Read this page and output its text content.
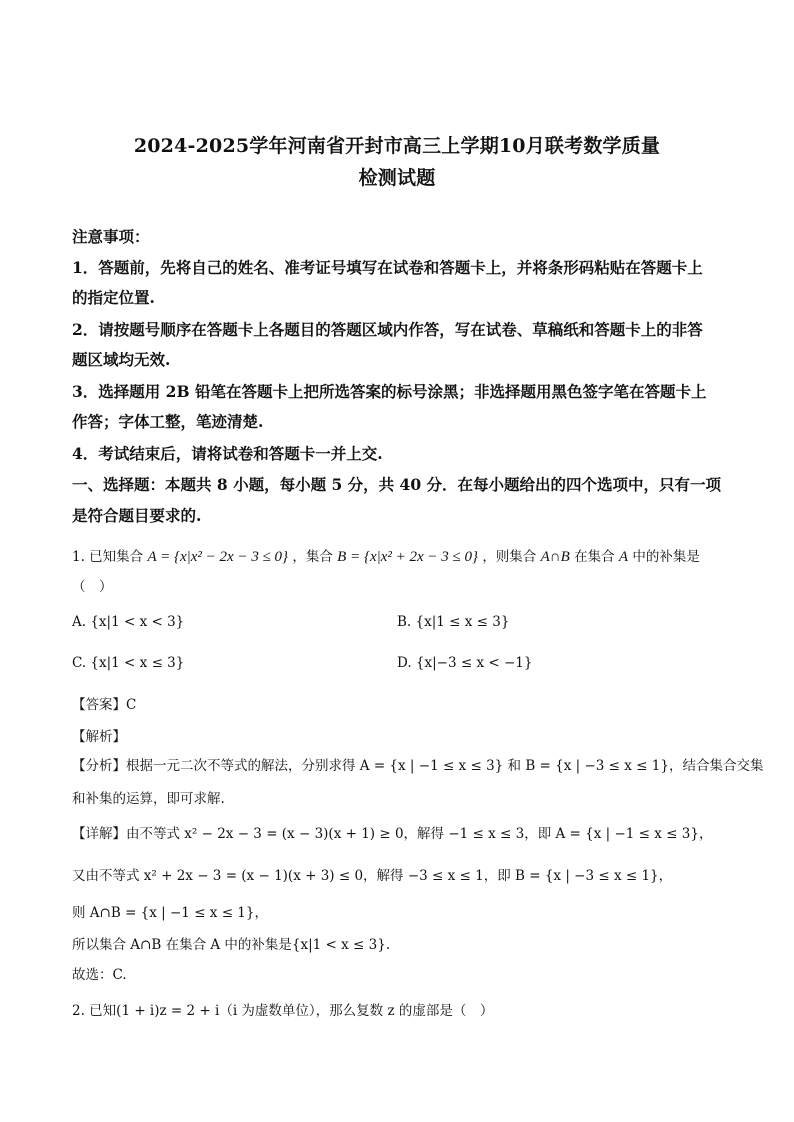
2024-2025学年河南省开封市高三上学期10月联考数学质量
检测试题
注意事项：
1．答题前，先将自己的姓名、准考证号填写在试卷和答题卡上，并将条形码粘贴在答题卡上
的指定位置.
2．请按题号顺序在答题卡上各题目的答题区域内作答，写在试卷、草稿纸和答题卡上的非答
题区域均无效.
3．选择题用 2B 铅笔在答题卡上把所选答案的标号涂黑；非选择题用黑色签字笔在答题卡上
作答；字体工整，笔迹清楚.
4．考试结束后，请将试卷和答题卡一并上交.
一、选择题：本题共 8 小题，每小题 5 分，共 40 分．在每小题给出的四个选项中，只有一项
是符合题目要求的.
1. 已知集合 A = {x|x² − 2x − 3 ≤ 0} ，集合 B = {x|x² + 2x − 3 ≤ 0} ，则集合 A∩B 在集合 A 中的补集是
（　）
A. {x|1 < x < 3}	B. {x|1 ≤ x ≤ 3}
C. {x|1 < x ≤ 3}	D. {x|−3 ≤ x < −1}
【答案】C
【解析】
【分析】根据一元二次不等式的解法，分别求得 A = {x | −1 ≤ x ≤ 3} 和 B = {x | −3 ≤ x ≤ 1}，结合集合交集
和补集的运算，即可求解.
【详解】由不等式 x² − 2x − 3 = (x − 3)(x + 1) ≥ 0，解得 −1 ≤ x ≤ 3，即 A = {x | −1 ≤ x ≤ 3}，
又由不等式 x² + 2x − 3 = (x − 1)(x + 3) ≤ 0，解得 −3 ≤ x ≤ 1，即 B = {x | −3 ≤ x ≤ 1}，
则 A∩B = {x | −1 ≤ x ≤ 1}，
所以集合 A∩B 在集合 A 中的补集是{x|1 < x ≤ 3}.
故选：C.
2. 已知(1 + i)z = 2 + i（i 为虚数单位），那么复数 z 的虚部是（　）
